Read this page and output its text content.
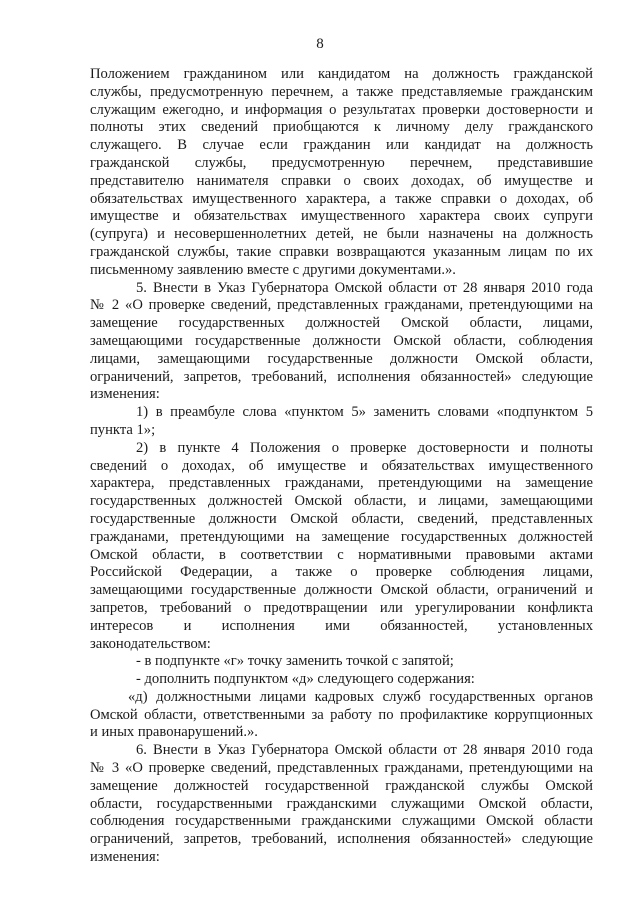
8
Положением гражданином или кандидатом на должность гражданской
службы, предусмотренную перечнем, а также представляемые гражданским
служащим ежегодно, и информация о результатах проверки достоверности и
полноты этих сведений приобщаются к личному делу гражданского
служащего. В случае если гражданин или кандидат на должность
гражданской службы, предусмотренную перечнем, представившие
представителю нанимателя справки о своих доходах, об имуществе и
обязательствах имущественного характера, а также справки о доходах, об
имуществе и обязательствах имущественного характера своих супруги
(супруга) и несовершеннолетних детей, не были назначены на должность
гражданской службы, такие справки возвращаются указанным лицам по их
письменному заявлению вместе с другими документами.».
5. Внести в Указ Губернатора Омской области от 28 января 2010 года
№ 2 «О проверке сведений, представленных гражданами, претендующими на
замещение государственных должностей Омской области, лицами,
замещающими государственные должности Омской области, соблюдения
лицами, замещающими государственные должности Омской области,
ограничений, запретов, требований, исполнения обязанностей» следующие
изменения:
1) в преамбуле слова «пунктом 5» заменить словами «подпунктом 5
пункта 1»;
2) в пункте 4 Положения о проверке достоверности и полноты
сведений о доходах, об имуществе и обязательствах имущественного
характера, представленных гражданами, претендующими на замещение
государственных должностей Омской области, и лицами, замещающими
государственные должности Омской области, сведений, представленных
гражданами, претендующими на замещение государственных должностей
Омской области, в соответствии с нормативными правовыми актами
Российской Федерации, а также о проверке соблюдения лицами,
замещающими государственные должности Омской области, ограничений и
запретов, требований о предотвращении или урегулировании конфликта
интересов и исполнения ими обязанностей, установленных
законодательством:
- в подпункте «г» точку заменить точкой с запятой;
- дополнить подпунктом «д» следующего содержания:
«д) должностными лицами кадровых служб государственных органов
Омской области, ответственными за работу по профилактике коррупционных
и иных правонарушений.».
6. Внести в Указ Губернатора Омской области от 28 января 2010 года
№ 3 «О проверке сведений, представленных гражданами, претендующими на
замещение должностей государственной гражданской службы Омской
области, государственными гражданскими служащими Омской области,
соблюдения государственными гражданскими служащими Омской области
ограничений, запретов, требований, исполнения обязанностей» следующие
изменения:
